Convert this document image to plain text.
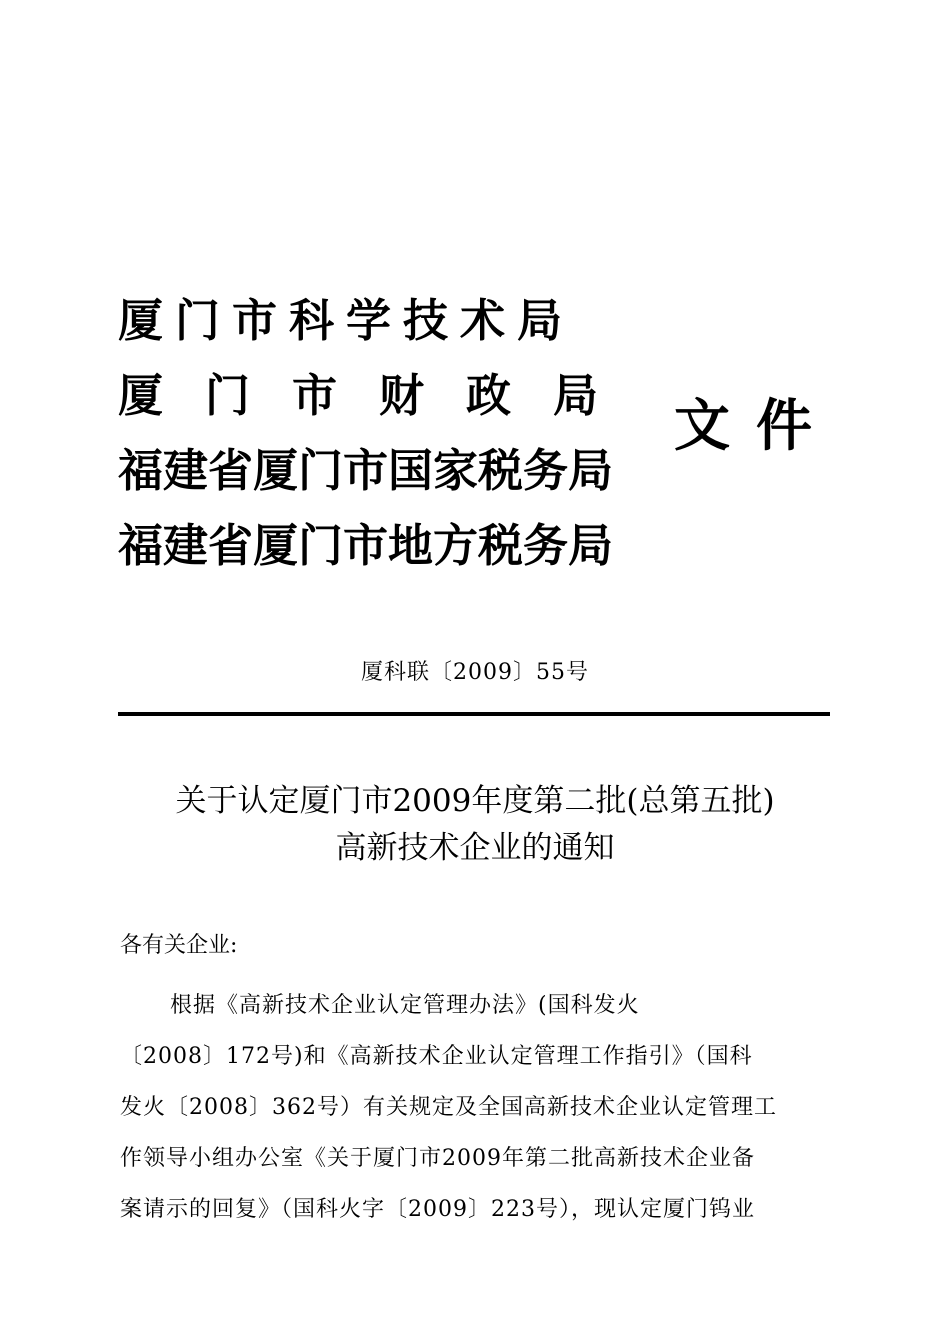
厦门市科学技术局
厦门市财政局
福建省厦门市国家税务局
福建省厦门市地方税务局
文件
厦科联〔2009〕55号
关于认定厦门市2009年度第二批(总第五批)
高新技术企业的通知
各有关企业:
根据《高新技术企业认定管理办法》(国科发火
〔2008〕172号)和《高新技术企业认定管理工作指引》（国科
发火〔2008〕362号）有关规定及全国高新技术企业认定管理工
作领导小组办公室《关于厦门市2009年第二批高新技术企业备
案请示的回复》（国科火字〔2009〕223号），现认定厦门钨业
